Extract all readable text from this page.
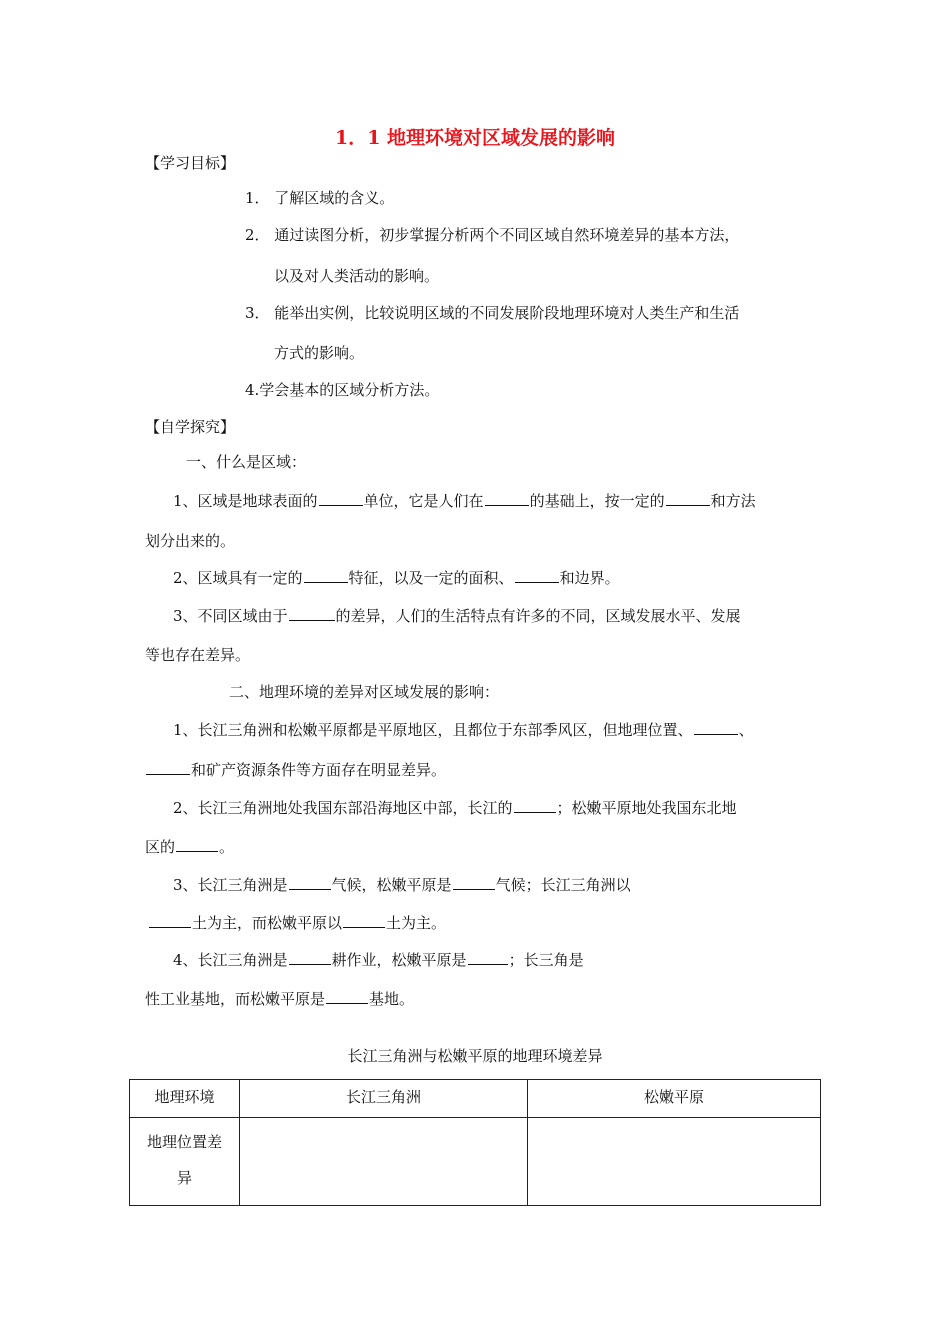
1．1 地理环境对区域发展的影响
【学习目标】
1． 了解区域的含义。
2． 通过读图分析，初步掌握分析两个不同区域自然环境差异的基本方法，
以及对人类活动的影响。
3． 能举出实例，比较说明区域的不同发展阶段地理环境对人类生产和生活
方式的影响。
4.学会基本的区域分析方法。
【自学探究】
一、什么是区域：
1、区域是地球表面的	单位，它是人们在	的基础上，按一定的	和方法
划分出来的。
2、区域具有一定的	特征，以及一定的面积、	和边界。
3、不同区域由于	的差异，人们的生活特点有许多的不同，区域发展水平、发展
等也存在差异。
二、地理环境的差异对区域发展的影响：
1、长江三角洲和松嫩平原都是平原地区，且都位于东部季风区，但地理位置、	、
和矿产资源条件等方面存在明显差异。
2、长江三角洲地处我国东部沿海地区中部，长江的	；松嫩平原地处我国东北地
区的	。
3、长江三角洲是	气候，松嫩平原是	气候；长江三角洲以
土为主，而松嫩平原以	土为主。
4、长江三角洲是	耕作业，松嫩平原是	；长三角是
性工业基地，而松嫩平原是	基地。
长江三角洲与松嫩平原的地理环境差异
地理环境	长江三角洲	松嫩平原

地理位置差
异		
